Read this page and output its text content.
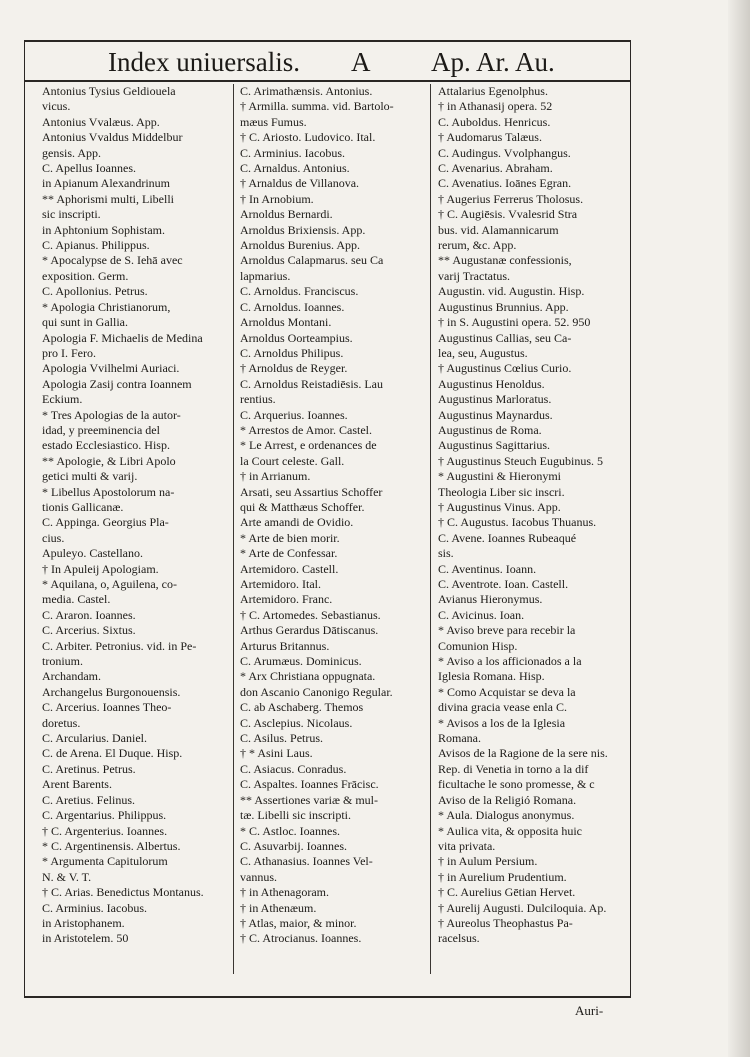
Index uniuersalis. A Ap. Ar. Au.
Antonius Tysius Geldiouela
vicus.
Antonius Vvalæus. App.
Antonius Vvaldus Middelbur
gensis. App.
C. Apellus Ioannes.
in Apianum Alexandrinum
** Aphorismi multi, Libelli
sic inscripti.
in Aphtonium Sophistam.
C. Apianus. Philippus.
* Apocalypse de S. Iehā avec
exposition. Germ.
C. Apollonius. Petrus.
* Apologia Christianorum,
qui sunt in Gallia.
Apologia F. Michaelis de Medina
pro I. Fero.
Apologia Vvilhelmi Auriaci.
Apologia Zasij contra Ioannem
Eckium.
* Tres Apologias de la autor-
idad, y preeminencia del
estado Ecclesiastico. Hisp.
** Apologie, & Libri Apolo
getici multi & varij.
* Libellus Apostolorum na-
tionis Gallicanæ.
C. Appinga. Georgius Pla-
cius.
Apuleyo. Castellano.
† In Apuleij Apologiam.
* Aquilana, o, Aguilena, co-
media. Castel.
C. Araron. Ioannes.
C. Arcerius. Sixtus.
C. Arbiter. Petronius. vid. in Pe-
tronium.
Archandam.
Archangelus Burgonouensis.
C. Arcerius. Ioannes Theo-
doretus.
C. Arcularius. Daniel.
C. de Arena. El Duque. Hisp.
C. Aretinus. Petrus.
Arent Barents.
C. Aretius. Felinus.
C. Argentarius. Philippus.
† C. Argenterius. Ioannes.
* C. Argentinensis. Albertus.
* Argumenta Capitulorum
N. & V. T.
† C. Arias. Benedictus Montanus.
C. Arminius. Iacobus.
in Aristophanem.
in Aristotelem. 50
C. Arimathænsis. Antonius.
† Armilla. summa. vid. Bartolo-
mæus Fumus.
† C. Ariosto. Ludovico. Ital.
C. Arminius. Iacobus.
C. Arnaldus. Antonius.
† Arnaldus de Villanova.
† In Arnobium.
Arnoldus Bernardi.
Arnoldus Brixiensis. App.
Arnoldus Burenius. App.
Arnoldus Calapmarus. seu Ca
lapmarius.
C. Arnoldus. Franciscus.
C. Arnoldus. Ioannes.
Arnoldus Montani.
Arnoldus Oorteampius.
C. Arnoldus Philipus.
† Arnoldus de Reyger.
C. Arnoldus Reistadiēsis. Lau
rentius.
C. Arquerius. Ioannes.
* Arrestos de Amor. Castel.
* Le Arrest, e ordenances de
la Court celeste. Gall.
† in Arrianum.
Arsati, seu Assartius Schoffer
qui & Matthæus Schoffer.
Arte amandi de Ovidio.
* Arte de bien morir.
* Arte de Confessar.
Artemidoro. Castell.
Artemidoro. Ital.
Artemidoro. Franc.
† C. Artomedes. Sebastianus.
Arthus Gerardus Dātiscanus.
Arturus Britannus.
C. Arumæus. Dominicus.
* Arx Christiana oppugnata.
don Ascanio Canonigo Regular.
C. ab Aschaberg. Themos
C. Asclepius. Nicolaus.
C. Asilus. Petrus.
† * Asini Laus.
C. Asiacus. Conradus.
C. Aspaltes. Ioannes Frācisc.
** Assertiones variæ & mul-
tæ. Libelli sic inscripti.
* C. Astloc. Ioannes.
C. Asuvarbij. Ioannes.
C. Athanasius. Ioannes Vel-
vannus.
† in Athenagoram.
† in Athenæum.
† Atlas, maior, & minor.
† C. Atrocianus. Ioannes.
Attalarius Egenolphus.
† in Athanasij opera. 52
C. Auboldus. Henricus.
† Audomarus Talæus.
C. Audingus. Vvolphangus.
C. Avenarius. Abraham.
C. Avenatius. Ioānes Egran.
† Augerius Ferrerus Tholosus.
† C. Augiēsis. Vvalesrid Stra
bus. vid. Alamannicarum
rerum, &c. App.
** Augustanæ confessionis,
varij Tractatus.
Augustin. vid. Augustin. Hisp.
Augustinus Brunnius. App.
† in S. Augustini opera. 52. 950
Augustinus Callias, seu Ca-
lea, seu, Augustus.
† Augustinus Cœlius Curio.
Augustinus Henoldus.
Augustinus Marloratus.
Augustinus Maynardus.
Augustinus de Roma.
Augustinus Sagittarius.
† Augustinus Steuch Eugubinus. 5
* Augustini & Hieronymi
Theologia Liber sic inscri.
† Augustinus Vinus. App.
† C. Augustus. Iacobus Thuanus.
C. Avene. Ioannes Rubeaqué
sis.
C. Aventinus. Ioann.
C. Aventrote. Ioan. Castell.
Avianus Hieronymus.
C. Avicinus. Ioan.
* Aviso breve para recebir la
Comunion Hisp.
* Aviso a los afficionados a la
Iglesia Romana. Hisp.
* Como Acquistar se deva la
divina gracia vease enla C.
* Avisos a los de la Iglesia
Romana.
Avisos de la Ragione de la sere nis.
Rep. di Venetia in torno a la dif
ficultache le sono promesse, & c
Aviso de la Religió Romana.
* Aula. Dialogus anonymus.
* Aulica vita, & opposita huic
vita privata.
† in Aulum Persium.
† in Aurelium Prudentium.
† C. Aurelius Gētian Hervet.
† Aurelij Augusti. Dulciloquia. Ap.
† Aureolus Theophastus Pa-
racelsus.
Auri-
